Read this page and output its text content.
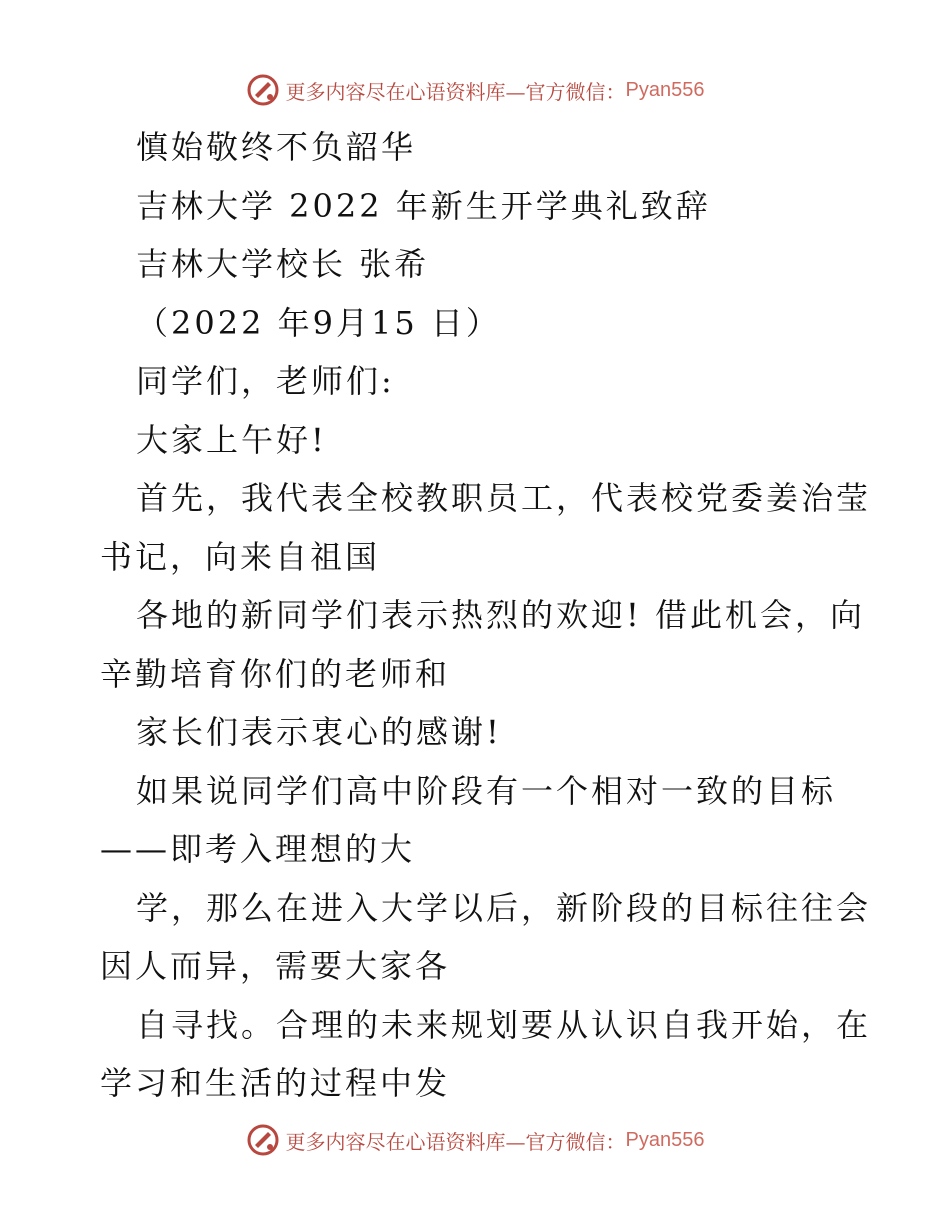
更多内容尽在心语资料库—官方微信： Pyan556

慎始敬终不负韶华

吉林大学 2022 年新生开学典礼致辞

吉林大学校长 张希

（2022 年9月15 日）

同学们，老师们:

大家上午好!

首先，我代表全校教职员工，代表校党委姜治莹

书记，向来自祖国

各地的新同学们表示热烈的欢迎! 借此机会，向

辛勤培育你们的老师和

家长们表示衷心的感谢!

如果说同学们高中阶段有一个相对一致的目标

——即考入理想的大

学，那么在进入大学以后，新阶段的目标往往会

因人而异，需要大家各

自寻找。合理的未来规划要从认识自我开始，在

学习和生活的过程中发

更多内容尽在心语资料库—官方微信： Pyan556
